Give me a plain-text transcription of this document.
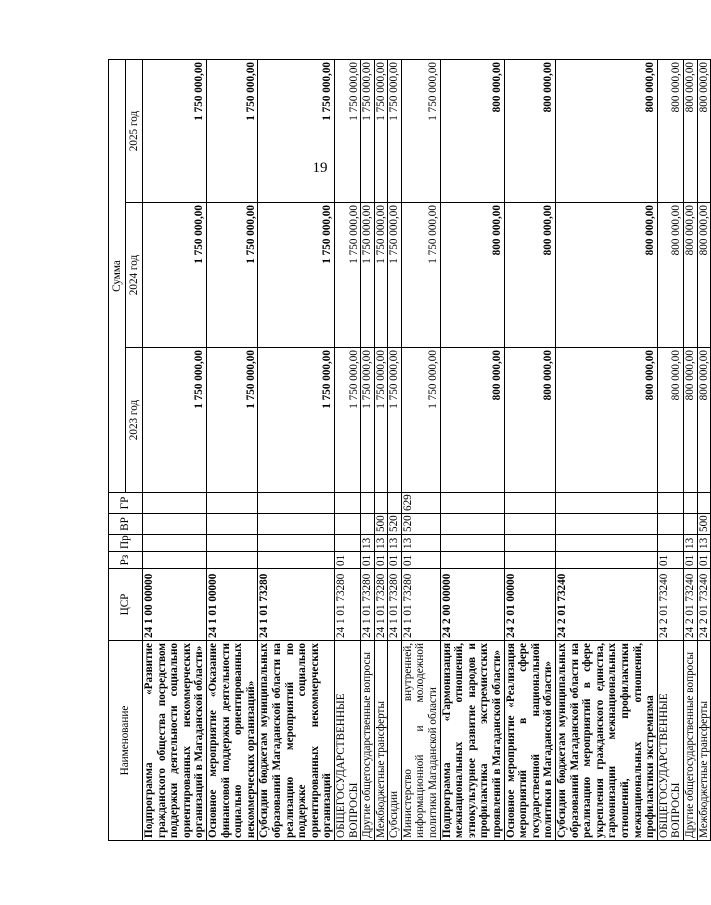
19
Наименование	ЦСР	Рз	Пр	ВР	ГР	Сумма		
						2023 год	2024 год	2025 год
Подпрограмма «Развитие гражданского общества посредством поддержки деятельности социально ориентированных некоммерческих организаций в Магаданской области»	24 1 00 00000					1 750 000,00	1 750 000,00	1 750 000,00
Основное мероприятие «Оказание финансовой поддержки деятельности социально ориентированных некоммерческих организаций»	24 1 01 00000					1 750 000,00	1 750 000,00	1 750 000,00
Субсидии бюджетам муниципальных образований Магаданской области на реализацию мероприятий по поддержке социально ориентированных некоммерческих организаций	24 1 01 73280					1 750 000,00	1 750 000,00	1 750 000,00
ОБЩЕГОСУДАРСТВЕННЫЕ ВОПРОСЫ	24 1 01 73280	01				1 750 000,00	1 750 000,00	1 750 000,00
Другие общегосударственные вопросы	24 1 01 73280	01	13			1 750 000,00	1 750 000,00	1 750 000,00
Межбюджетные трансферты	24 1 01 73280	01	13	500		1 750 000,00	1 750 000,00	1 750 000,00
Субсидии	24 1 01 73280	01	13	520		1 750 000,00	1 750 000,00	1 750 000,00
Министерство внутренней, информационной и молодежной политики Магаданской области	24 1 01 73280	01	13	520	629	1 750 000,00	1 750 000,00	1 750 000,00
Подпрограмма «Гармонизация межнациональных отношений, этнокультурное развитие народов и профилактика экстремистских проявлений в Магаданской области»	24 2 00 00000					800 000,00	800 000,00	800 000,00
Основное мероприятие «Реализация мероприятий в сфере государственной национальной политики в Магаданской области»	24 2 01 00000					800 000,00	800 000,00	800 000,00
Субсидии бюджетам муниципальных образований Магаданской области на реализацию мероприятий в сфере укрепления гражданского единства, гармонизации межнациональных отношений, профилактики межнациональных отношений, профилактики экстремизма	24 2 01 73240					800 000,00	800 000,00	800 000,00
ОБЩЕГОСУДАРСТВЕННЫЕ ВОПРОСЫ	24 2 01 73240	01				800 000,00	800 000,00	800 000,00
Другие общегосударственные вопросы	24 2 01 73240	01	13			800 000,00	800 000,00	800 000,00
Межбюджетные трансферты	24 2 01 73240	01	13	500		800 000,00	800 000,00	800 000,00
